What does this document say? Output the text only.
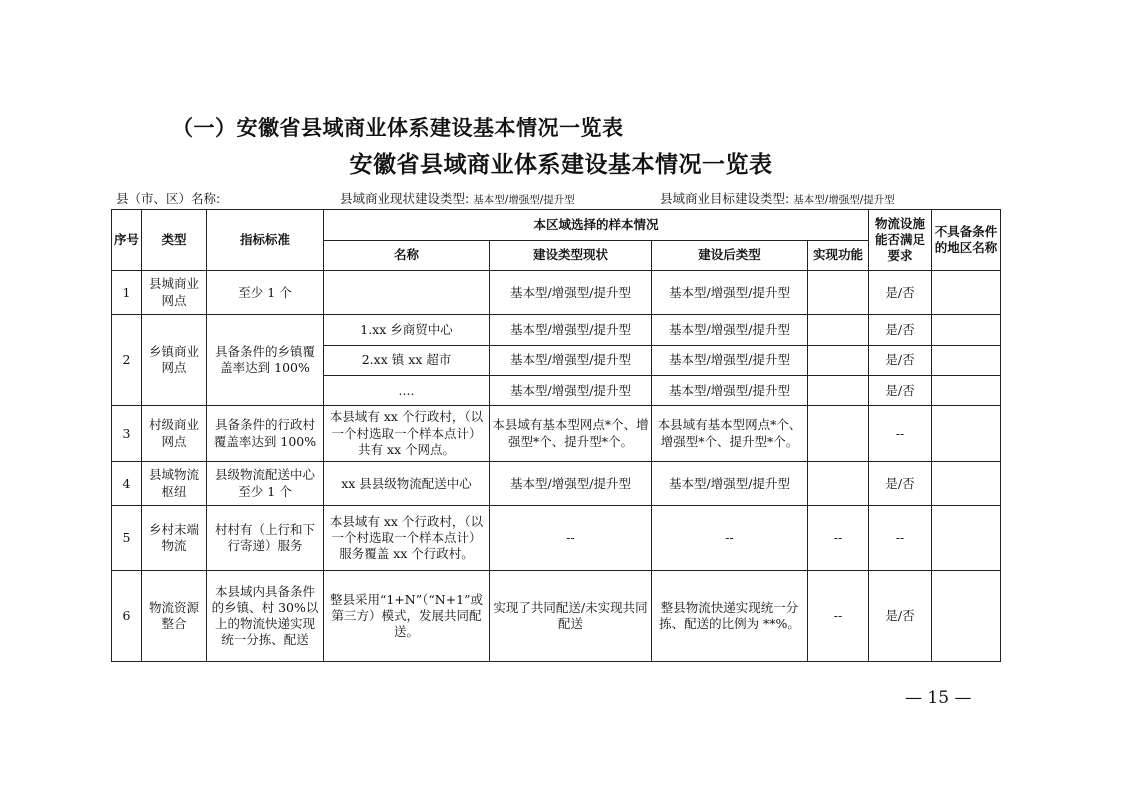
（一）安徽省县域商业体系建设基本情况一览表
安徽省县域商业体系建设基本情况一览表
县（市、区）名称:	县域商业现状建设类型: 基本型/增强型/提升型	县域商业目标建设类型: 基本型/增强型/提升型
序号	类型	指标标准	本区域选择的样本情况				物流设施能否满足要求	不具备条件的地区名称
			名称	建设类型现状	建设后类型	实现功能		
1	县城商业网点	至少 1 个		基本型/增强型/提升型	基本型/增强型/提升型		是/否	
2	乡镇商业网点	具备条件的乡镇覆盖率达到 100%	1.xx 乡商贸中心	基本型/增强型/提升型	基本型/增强型/提升型		是/否	
			2.xx 镇 xx 超市	基本型/增强型/提升型	基本型/增强型/提升型		是/否	
			....	基本型/增强型/提升型	基本型/增强型/提升型		是/否	
3	村级商业网点	具备条件的行政村覆盖率达到 100%	本县域有 xx 个行政村，（以一个村选取一个样本点计）共有 xx 个网点。	本县域有基本型网点*个、增强型*个、提升型*个。	本县域有基本型网点*个、增强型*个、提升型*个。		--	
4	县域物流枢纽	县级物流配送中心至少 1 个	xx 县县级物流配送中心	基本型/增强型/提升型	基本型/增强型/提升型		是/否	
5	乡村末端物流	村村有（上行和下行寄递）服务	本县域有 xx 个行政村，（以一个村选取一个样本点计）服务覆盖 xx 个行政村。	--	--	--	--	
6	物流资源整合	本县域内具备条件的乡镇、村 30%以上的物流快递实现统一分拣、配送	整县采用“1+N”（“N+1”或第三方）模式，发展共同配送。	实现了共同配送/未实现共同配送	整县物流快递实现统一分拣、配送的比例为 **%。	--	是/否	
— 15 —
